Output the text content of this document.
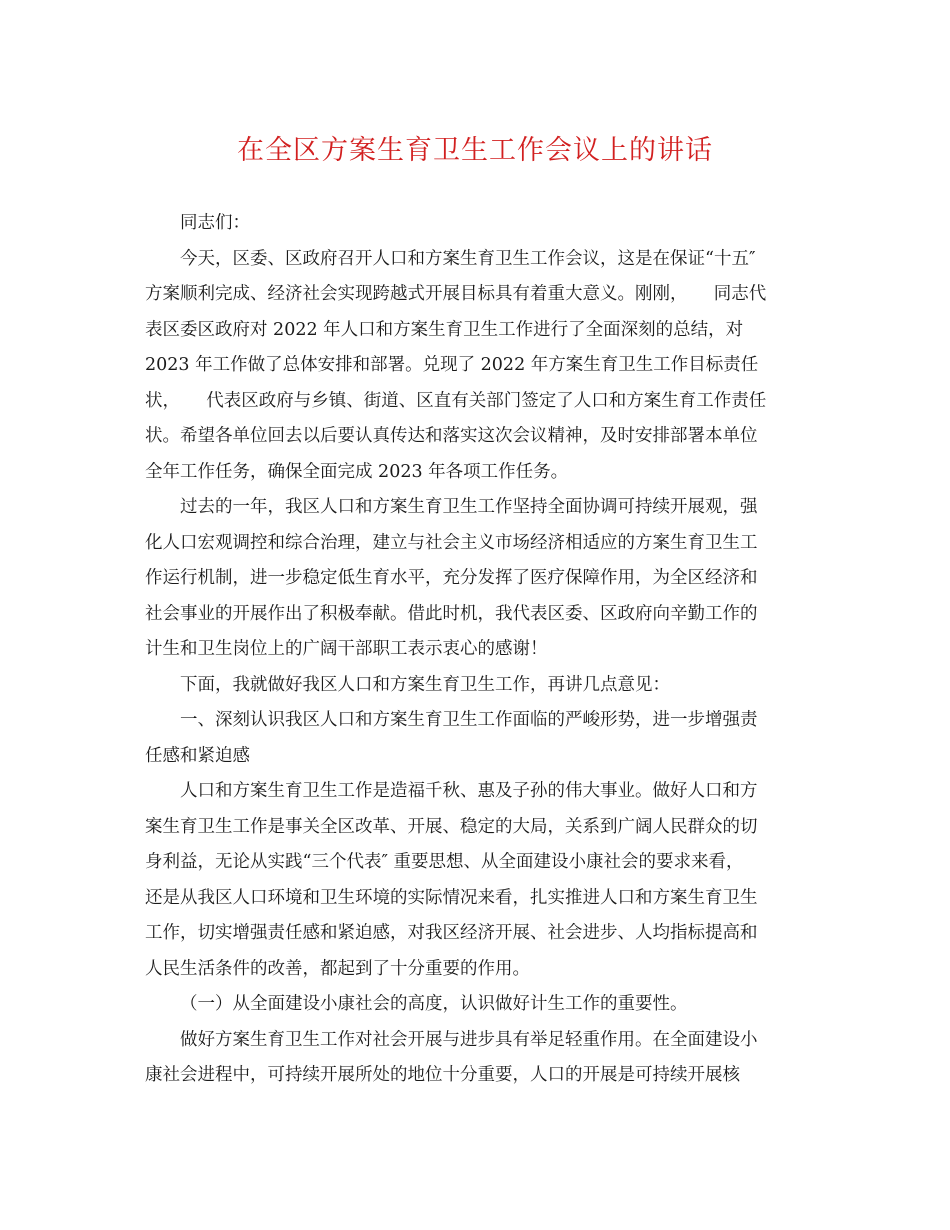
在全区方案生育卫生工作会议上的讲话
同志们：
今天，区委、区政府召开人口和方案生育卫生工作会议，这是在保证“十五″
方案顺利完成、经济社会实现跨越式开展目标具有着重大意义。刚刚，　　同志代
表区委区政府对 2022 年人口和方案生育卫生工作进行了全面深刻的总结，对
2023 年工作做了总体安排和部署。兑现了 2022 年方案生育卫生工作目标责任
状，　　代表区政府与乡镇、街道、区直有关部门签定了人口和方案生育工作责任
状。希望各单位回去以后要认真传达和落实这次会议精神，及时安排部署本单位
全年工作任务，确保全面完成 2023 年各项工作任务。
过去的一年，我区人口和方案生育卫生工作坚持全面协调可持续开展观，强
化人口宏观调控和综合治理，建立与社会主义市场经济相适应的方案生育卫生工
作运行机制，进一步稳定低生育水平，充分发挥了医疗保障作用，为全区经济和
社会事业的开展作出了积极奉献。借此时机，我代表区委、区政府向辛勤工作的
计生和卫生岗位上的广阔干部职工表示衷心的感谢！
下面，我就做好我区人口和方案生育卫生工作，再讲几点意见：
一、深刻认识我区人口和方案生育卫生工作面临的严峻形势，进一步增强责
任感和紧迫感
人口和方案生育卫生工作是造福千秋、惠及子孙的伟大事业。做好人口和方
案生育卫生工作是事关全区改革、开展、稳定的大局，关系到广阔人民群众的切
身利益，无论从实践“三个代表″ 重要思想、从全面建设小康社会的要求来看，
还是从我区人口环境和卫生环境的实际情况来看，扎实推进人口和方案生育卫生
工作，切实增强责任感和紧迫感，对我区经济开展、社会进步、人均指标提高和
人民生活条件的改善，都起到了十分重要的作用。
（一）从全面建设小康社会的高度，认识做好计生工作的重要性。
做好方案生育卫生工作对社会开展与进步具有举足轻重作用。在全面建设小
康社会进程中，可持续开展所处的地位十分重要，人口的开展是可持续开展核
